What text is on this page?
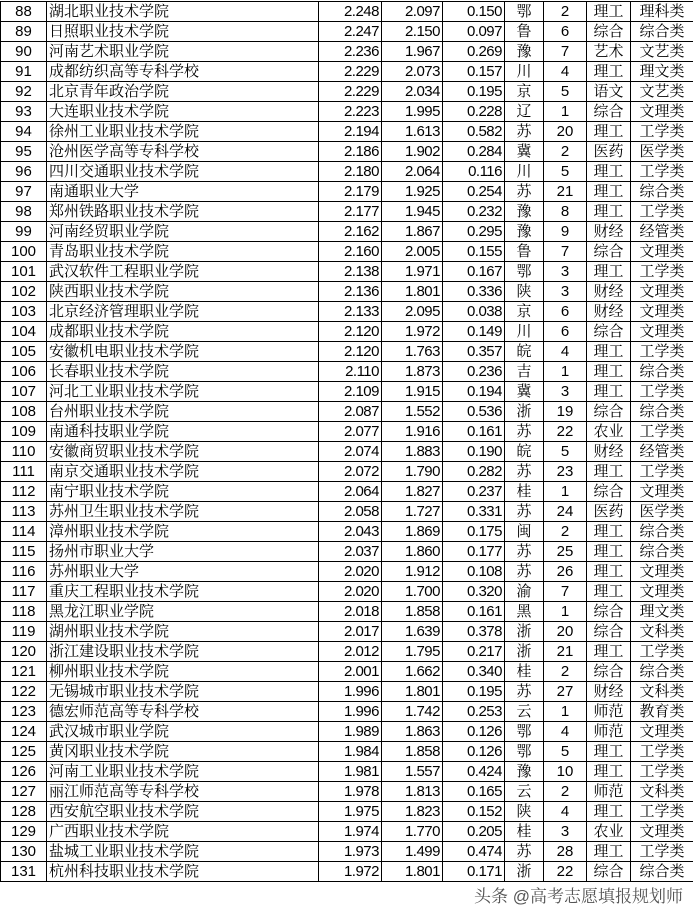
88	湖北职业技术学院	2.248	2.097	0.150	鄂	2	理工	理科类
89	日照职业技术学院	2.247	2.150	0.097	鲁	6	综合	综合类
90	河南艺术职业学院	2.236	1.967	0.269	豫	7	艺术	文艺类
91	成都纺织高等专科学校	2.229	2.073	0.157	川	4	理工	理文类
92	北京青年政治学院	2.229	2.034	0.195	京	5	语文	文艺类
93	大连职业技术学院	2.223	1.995	0.228	辽	1	综合	文理类
94	徐州工业职业技术学院	2.194	1.613	0.582	苏	20	理工	工学类
95	沧州医学高等专科学校	2.186	1.902	0.284	冀	2	医药	医学类
96	四川交通职业技术学院	2.180	2.064	0.116	川	5	理工	工学类
97	南通职业大学	2.179	1.925	0.254	苏	21	理工	综合类
98	郑州铁路职业技术学院	2.177	1.945	0.232	豫	8	理工	工学类
99	河南经贸职业学院	2.162	1.867	0.295	豫	9	财经	经管类
100	青岛职业技术学院	2.160	2.005	0.155	鲁	7	综合	文理类
101	武汉软件工程职业学院	2.138	1.971	0.167	鄂	3	理工	工学类
102	陕西职业技术学院	2.136	1.801	0.336	陕	3	财经	文理类
103	北京经济管理职业学院	2.133	2.095	0.038	京	6	财经	文理类
104	成都职业技术学院	2.120	1.972	0.149	川	6	综合	文理类
105	安徽机电职业技术学院	2.120	1.763	0.357	皖	4	理工	工学类
106	长春职业技术学院	2.110	1.873	0.236	吉	1	理工	综合类
107	河北工业职业技术学院	2.109	1.915	0.194	冀	3	理工	工学类
108	台州职业技术学院	2.087	1.552	0.536	浙	19	综合	综合类
109	南通科技职业学院	2.077	1.916	0.161	苏	22	农业	工学类
110	安徽商贸职业技术学院	2.074	1.883	0.190	皖	5	财经	经管类
111	南京交通职业技术学院	2.072	1.790	0.282	苏	23	理工	工学类
112	南宁职业技术学院	2.064	1.827	0.237	桂	1	综合	文理类
113	苏州卫生职业技术学院	2.058	1.727	0.331	苏	24	医药	医学类
114	漳州职业技术学院	2.043	1.869	0.175	闽	2	理工	综合类
115	扬州市职业大学	2.037	1.860	0.177	苏	25	理工	综合类
116	苏州职业大学	2.020	1.912	0.108	苏	26	理工	文理类
117	重庆工程职业技术学院	2.020	1.700	0.320	渝	7	理工	文理类
118	黑龙江职业学院	2.018	1.858	0.161	黑	1	综合	理文类
119	湖州职业技术学院	2.017	1.639	0.378	浙	20	综合	文科类
120	浙江建设职业技术学院	2.012	1.795	0.217	浙	21	理工	工学类
121	柳州职业技术学院	2.001	1.662	0.340	桂	2	综合	综合类
122	无锡城市职业技术学院	1.996	1.801	0.195	苏	27	财经	文科类
123	德宏师范高等专科学校	1.996	1.742	0.253	云	1	师范	教育类
124	武汉城市职业学院	1.989	1.863	0.126	鄂	4	师范	文理类
125	黄冈职业技术学院	1.984	1.858	0.126	鄂	5	理工	工学类
126	河南工业职业技术学院	1.981	1.557	0.424	豫	10	理工	工学类
127	丽江师范高等专科学校	1.978	1.813	0.165	云	2	师范	文科类
128	西安航空职业技术学院	1.975	1.823	0.152	陕	4	理工	工学类
129	广西职业技术学院	1.974	1.770	0.205	桂	3	农业	文理类
130	盐城工业职业技术学院	1.973	1.499	0.474	苏	28	理工	工学类
131	杭州科技职业技术学院	1.972	1.801	0.171	浙	22	综合	综合类
头条 @高考志愿填报规划师
